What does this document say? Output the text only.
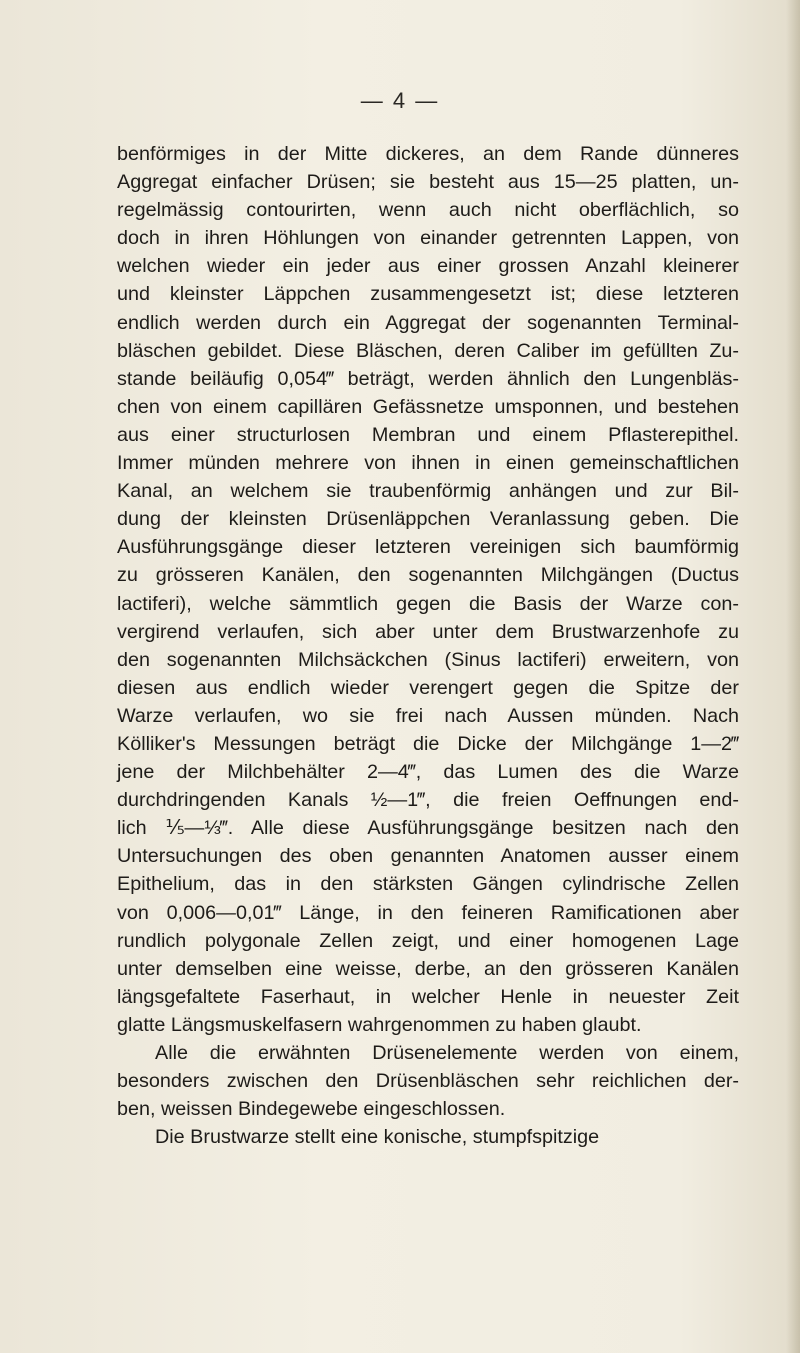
— 4 —
benförmiges in der Mitte dickeres, an dem Rande dünneres
Aggregat einfacher Drüsen; sie besteht aus 15—25 platten, un-
regelmässig contourirten, wenn auch nicht oberflächlich, so
doch in ihren Höhlungen von einander getrennten Lappen, von
welchen wieder ein jeder aus einer grossen Anzahl kleinerer
und kleinster Läppchen zusammengesetzt ist; diese letzteren
endlich werden durch ein Aggregat der sogenannten Terminal-
bläschen gebildet. Diese Bläschen, deren Caliber im gefüllten Zu-
stande beiläufig 0,054‴ beträgt, werden ähnlich den Lungenbläs-
chen von einem capillären Gefässnetze umsponnen, und bestehen
aus einer structurlosen Membran und einem Pflasterepithel.
Immer münden mehrere von ihnen in einen gemeinschaftlichen
Kanal, an welchem sie traubenförmig anhängen und zur Bil-
dung der kleinsten Drüsenläppchen Veranlassung geben. Die
Ausführungsgänge dieser letzteren vereinigen sich baumförmig
zu grösseren Kanälen, den sogenannten Milchgängen (Ductus
lactiferi), welche sämmtlich gegen die Basis der Warze con-
vergirend verlaufen, sich aber unter dem Brustwarzenhofe zu
den sogenannten Milchsäckchen (Sinus lactiferi) erweitern, von
diesen aus endlich wieder verengert gegen die Spitze der
Warze verlaufen, wo sie frei nach Aussen münden. Nach
Kölliker's Messungen beträgt die Dicke der Milchgänge 1—2‴
jene der Milchbehälter 2—4‴, das Lumen des die Warze
durchdringenden Kanals ½—1‴, die freien Oeffnungen end-
lich ⅕—⅓‴. Alle diese Ausführungsgänge besitzen nach den
Untersuchungen des oben genannten Anatomen ausser einem
Epithelium, das in den stärksten Gängen cylindrische Zellen
von 0,006—0,01‴ Länge, in den feineren Ramificationen aber
rundlich polygonale Zellen zeigt, und einer homogenen Lage
unter demselben eine weisse, derbe, an den grösseren Kanälen
längsgefaltete Faserhaut, in welcher Henle in neuester Zeit
glatte Längsmuskelfasern wahrgenommen zu haben glaubt.
Alle die erwähnten Drüsenelemente werden von einem,
besonders zwischen den Drüsenbläschen sehr reichlichen der-
ben, weissen Bindegewebe eingeschlossen.
Die Brustwarze stellt eine konische, stumpfspitzige
